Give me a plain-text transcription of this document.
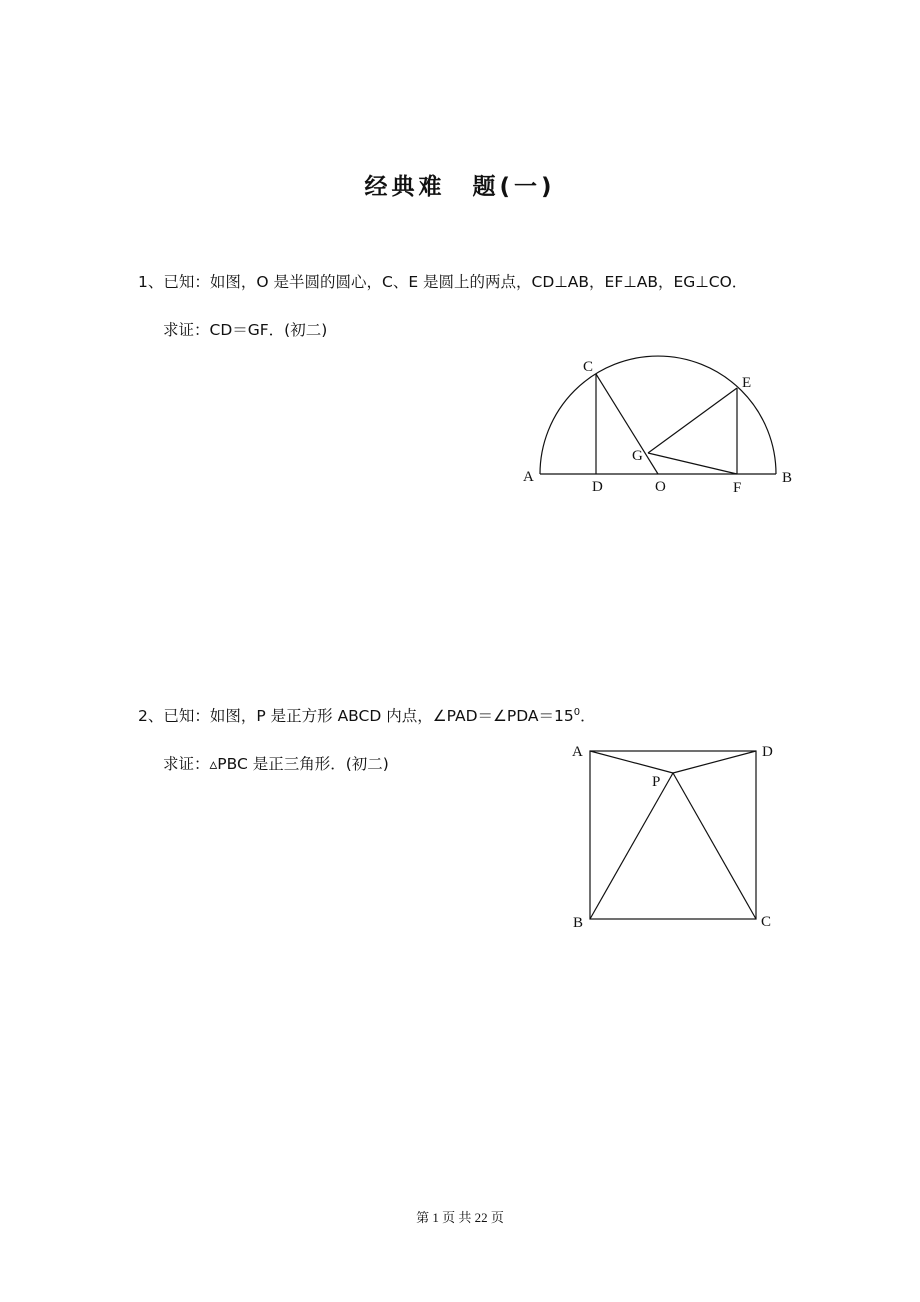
经典难　题(一)
1、已知：如图，O 是半圆的圆心，C、E 是圆上的两点，CD⊥AB，EF⊥AB，EG⊥CO．
求证：CD＝GF．(初二)
C
E
G
A	B
D	O	F
2、已知：如图，P 是正方形 ABCD 内点，$\angle PAD=\angle PDA=15^0$．
求证：▵PBC 是正三角形．(初二)
A	D
P
B	C
第 1 页 共 22 页
